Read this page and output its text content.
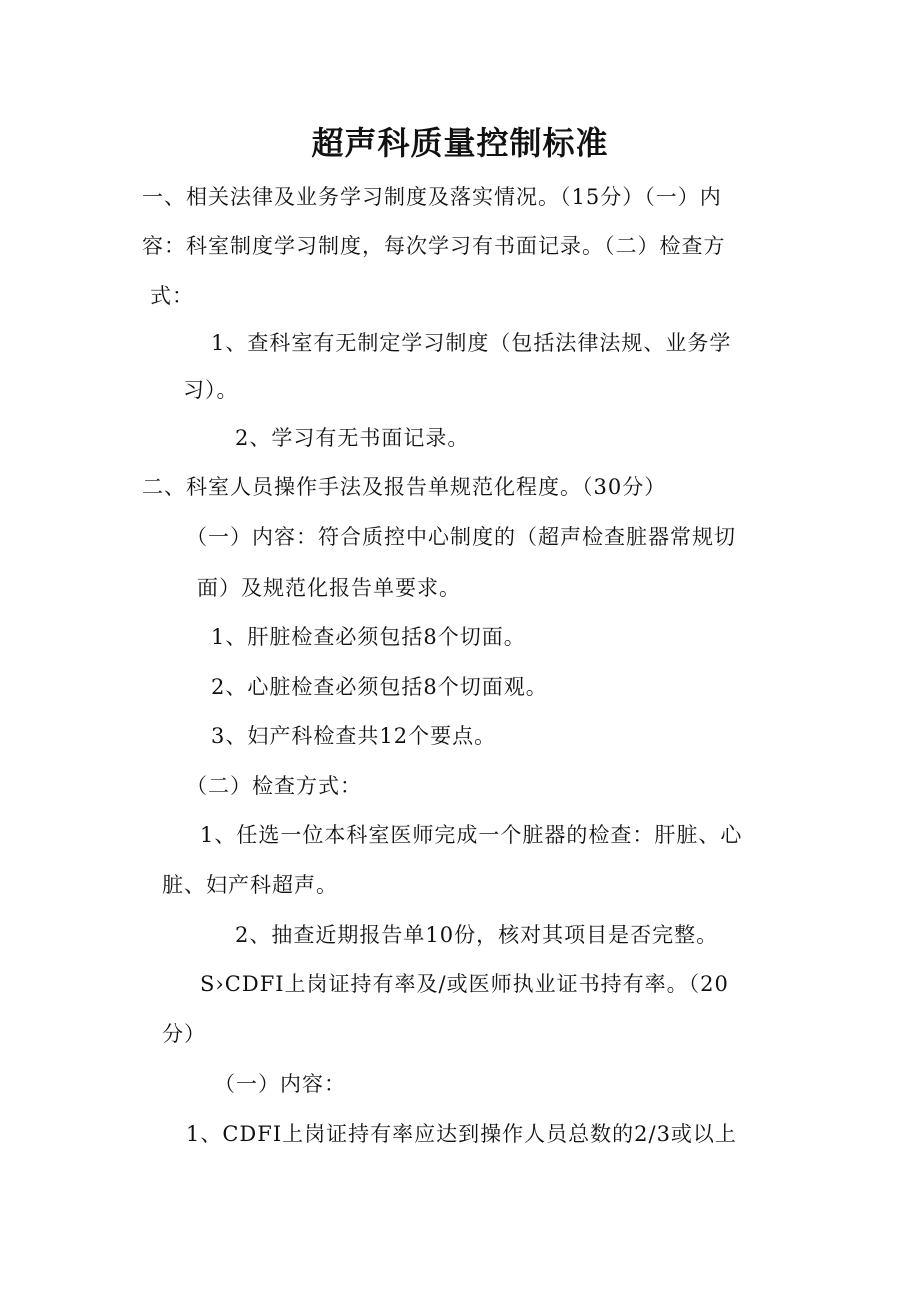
超声科质量控制标准
一、相关法律及业务学习制度及落实情况。（15分）（一）内
容：科室制度学习制度，每次学习有书面记录。（二）检查方
式：
1、查科室有无制定学习制度（包括法律法规、业务学
习）。
2、学习有无书面记录。
二、科室人员操作手法及报告单规范化程度。（30分）
（一）内容：符合质控中心制度的（超声检查脏器常规切
面）及规范化报告单要求。
1、肝脏检查必须包括8个切面。
2、心脏检查必须包括8个切面观。
3、妇产科检查共12个要点。
（二）检查方式：
1、任选一位本科室医师完成一个脏器的检查：肝脏、心
脏、妇产科超声。
2、抽查近期报告单10份，核对其项目是否完整。
S›CDFI上岗证持有率及/或医师执业证书持有率。（20
分）
（一）内容：
1、CDFI上岗证持有率应达到操作人员总数的2/3或以上
